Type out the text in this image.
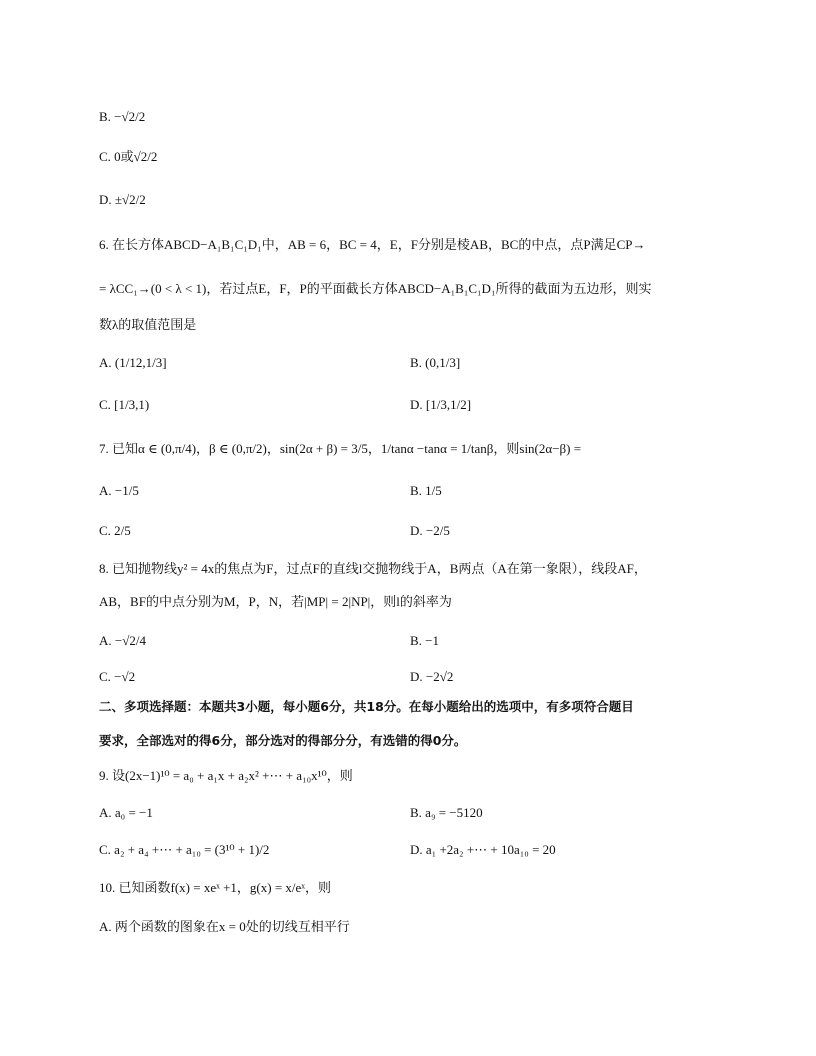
B. −√2/2
C. 0或√2/2
D. ±√2/2
6. 在长方体ABCD−A₁B₁C₁D₁中，AB = 6，BC = 4，E，F分别是棱AB，BC的中点，点P满足CP→
= λCC₁→(0 < λ < 1)，若过点E，F，P的平面截长方体ABCD−A₁B₁C₁D₁所得的截面为五边形，则实
数λ的取值范围是
A. (1/12,1/3]	B. (0,1/3]
C. [1/3,1)	D. [1/3,1/2]
7. 已知α ∈ (0,π/4)，β ∈ (0,π/2)，sin(2α + β) = 3/5，1/tanα −tanα = 1/tanβ，则sin(2α−β) =
A. −1/5	B. 1/5
C. 2/5	D. −2/5
8. 已知抛物线y² = 4x的焦点为F，过点F的直线l交抛物线于A，B两点（A在第一象限），线段AF，
AB，BF的中点分别为M，P，N，若|MP| = 2|NP|，则l的斜率为
A. −√2/4	B. −1
C. −√2	D. −2√2
二、多项选择题：本题共3小题，每小题6分，共18分。在每小题给出的选项中，有多项符合题目
要求，全部选对的得6分，部分选对的得部分分，有选错的得0分。
9. 设(2x−1)¹⁰ = a₀ + a₁x + a₂x² +⋯ + a₁₀x¹⁰，则
A. a₀ = −1	B. a₉ = −5120
C. a₂ + a₄ +⋯ + a₁₀ = (3¹⁰ + 1)/2	D. a₁ +2a₂ +⋯ + 10a₁₀ = 20
10. 已知函数f(x) = xeˣ +1，g(x) = x/eˣ，则
A. 两个函数的图象在x = 0处的切线互相平行
